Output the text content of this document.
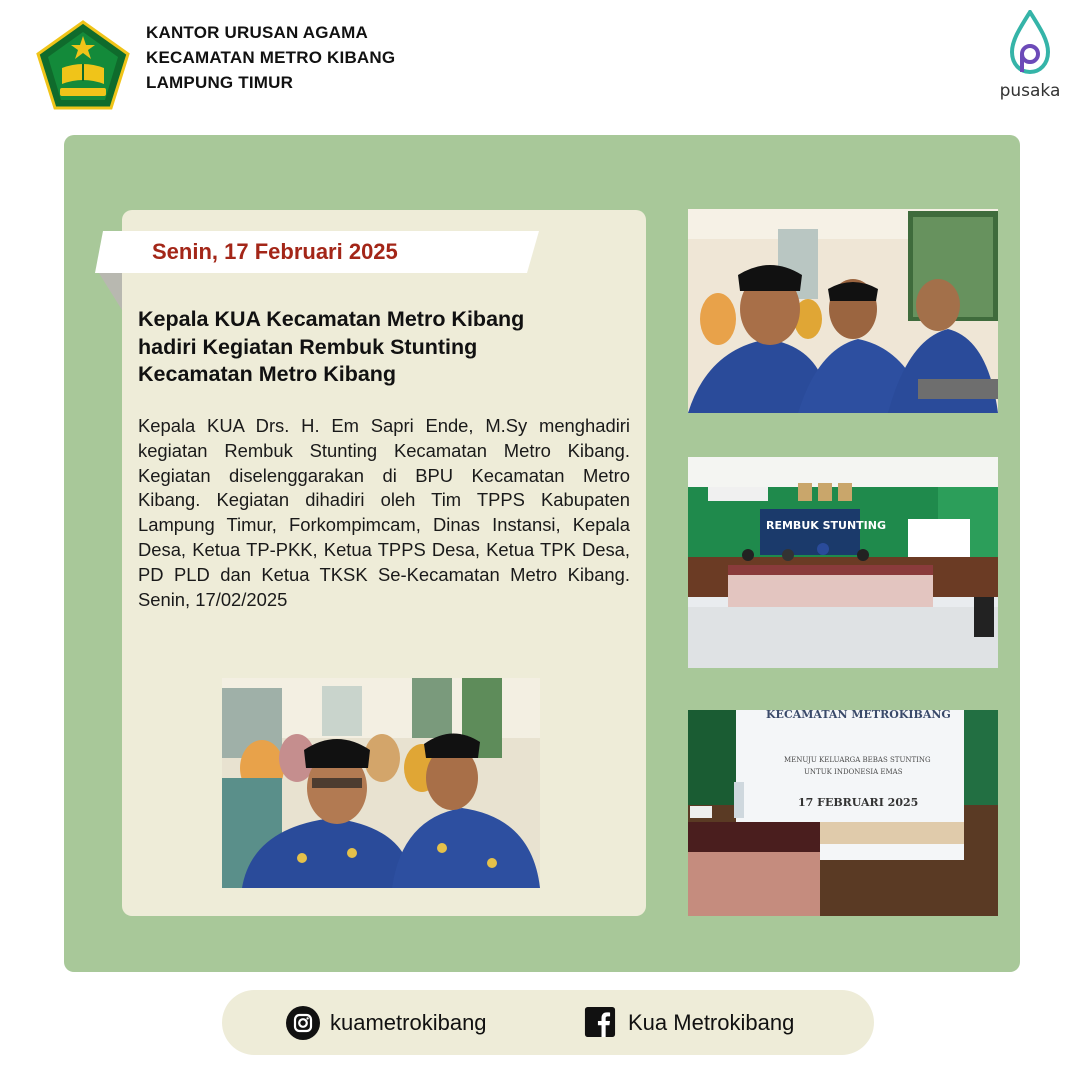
KANTOR URUSAN AGAMA
KECAMATAN METRO KIBANG
LAMPUNG TIMUR	pusaka
Senin, 17 Februari 2025
Kepala KUA Kecamatan Metro Kibang
hadiri Kegiatan Rembuk Stunting
Kecamatan Metro Kibang
Kepala KUA Drs. H. Em Sapri Ende, M.Sy menghadiri kegiatan Rembuk Stunting Kecamatan Metro Kibang. Kegiatan diselenggarakan di BPU Kecamatan Metro Kibang. Kegiatan dihadiri oleh Tim TPPS Kabupaten Lampung Timur, Forkompimcam, Dinas Instansi, Kepala Desa, Ketua TP-PKK, Ketua TPPS Desa, Ketua TPK Desa, PD PLD dan Ketua TKSK Se-Kecamatan Metro Kibang. Senin, 17/02/2025
REMBUK STUNTING
KECAMATAN METROKIBANG
MENUJU KELUARGA BEBAS STUNTING
UNTUK INDONESIA EMAS
17 FEBRUARI 2025
kuametrokibang	Kua Metrokibang
